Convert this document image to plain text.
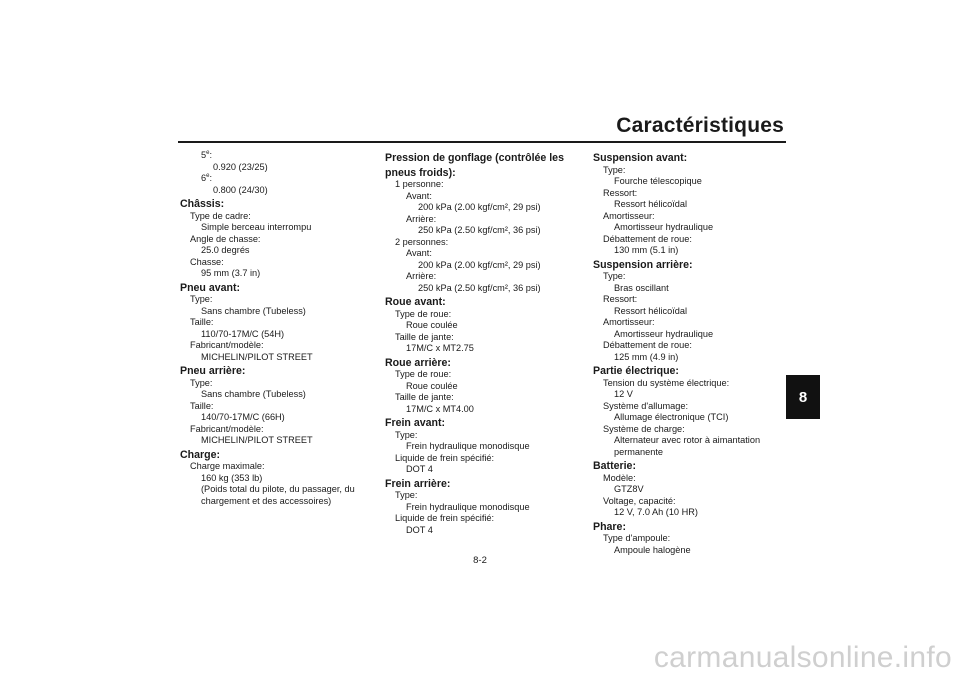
Caractéristiques
8
5e:
0.920 (23/25)
6e:
0.800 (24/30)
Châssis:
Type de cadre:
Simple berceau interrompu
Angle de chasse:
25.0 degrés
Chasse:
95 mm (3.7 in)
Pneu avant:
Type:
Sans chambre (Tubeless)
Taille:
110/70-17M/C (54H)
Fabricant/modèle:
MICHELIN/PILOT STREET
Pneu arrière:
Type:
Sans chambre (Tubeless)
Taille:
140/70-17M/C (66H)
Fabricant/modèle:
MICHELIN/PILOT STREET
Charge:
Charge maximale:
160 kg (353 lb)
(Poids total du pilote, du passager, du
chargement et des accessoires)
Pression de gonflage (contrôlée les
pneus froids):
1 personne:
Avant:
200 kPa (2.00 kgf/cm², 29 psi)
Arrière:
250 kPa (2.50 kgf/cm², 36 psi)
2 personnes:
Avant:
200 kPa (2.00 kgf/cm², 29 psi)
Arrière:
250 kPa (2.50 kgf/cm², 36 psi)
Roue avant:
Type de roue:
Roue coulée
Taille de jante:
17M/C x MT2.75
Roue arrière:
Type de roue:
Roue coulée
Taille de jante:
17M/C x MT4.00
Frein avant:
Type:
Frein hydraulique monodisque
Liquide de frein spécifié:
DOT 4
Frein arrière:
Type:
Frein hydraulique monodisque
Liquide de frein spécifié:
DOT 4
Suspension avant:
Type:
Fourche télescopique
Ressort:
Ressort hélicoïdal
Amortisseur:
Amortisseur hydraulique
Débattement de roue:
130 mm (5.1 in)
Suspension arrière:
Type:
Bras oscillant
Ressort:
Ressort hélicoïdal
Amortisseur:
Amortisseur hydraulique
Débattement de roue:
125 mm (4.9 in)
Partie électrique:
Tension du système électrique:
12 V
Système d'allumage:
Allumage électronique (TCI)
Système de charge:
Alternateur avec rotor à aimantation
permanente
Batterie:
Modèle:
GTZ8V
Voltage, capacité:
12 V, 7.0 Ah (10 HR)
Phare:
Type d'ampoule:
Ampoule halogène
8-2
carmanualsonline.info
